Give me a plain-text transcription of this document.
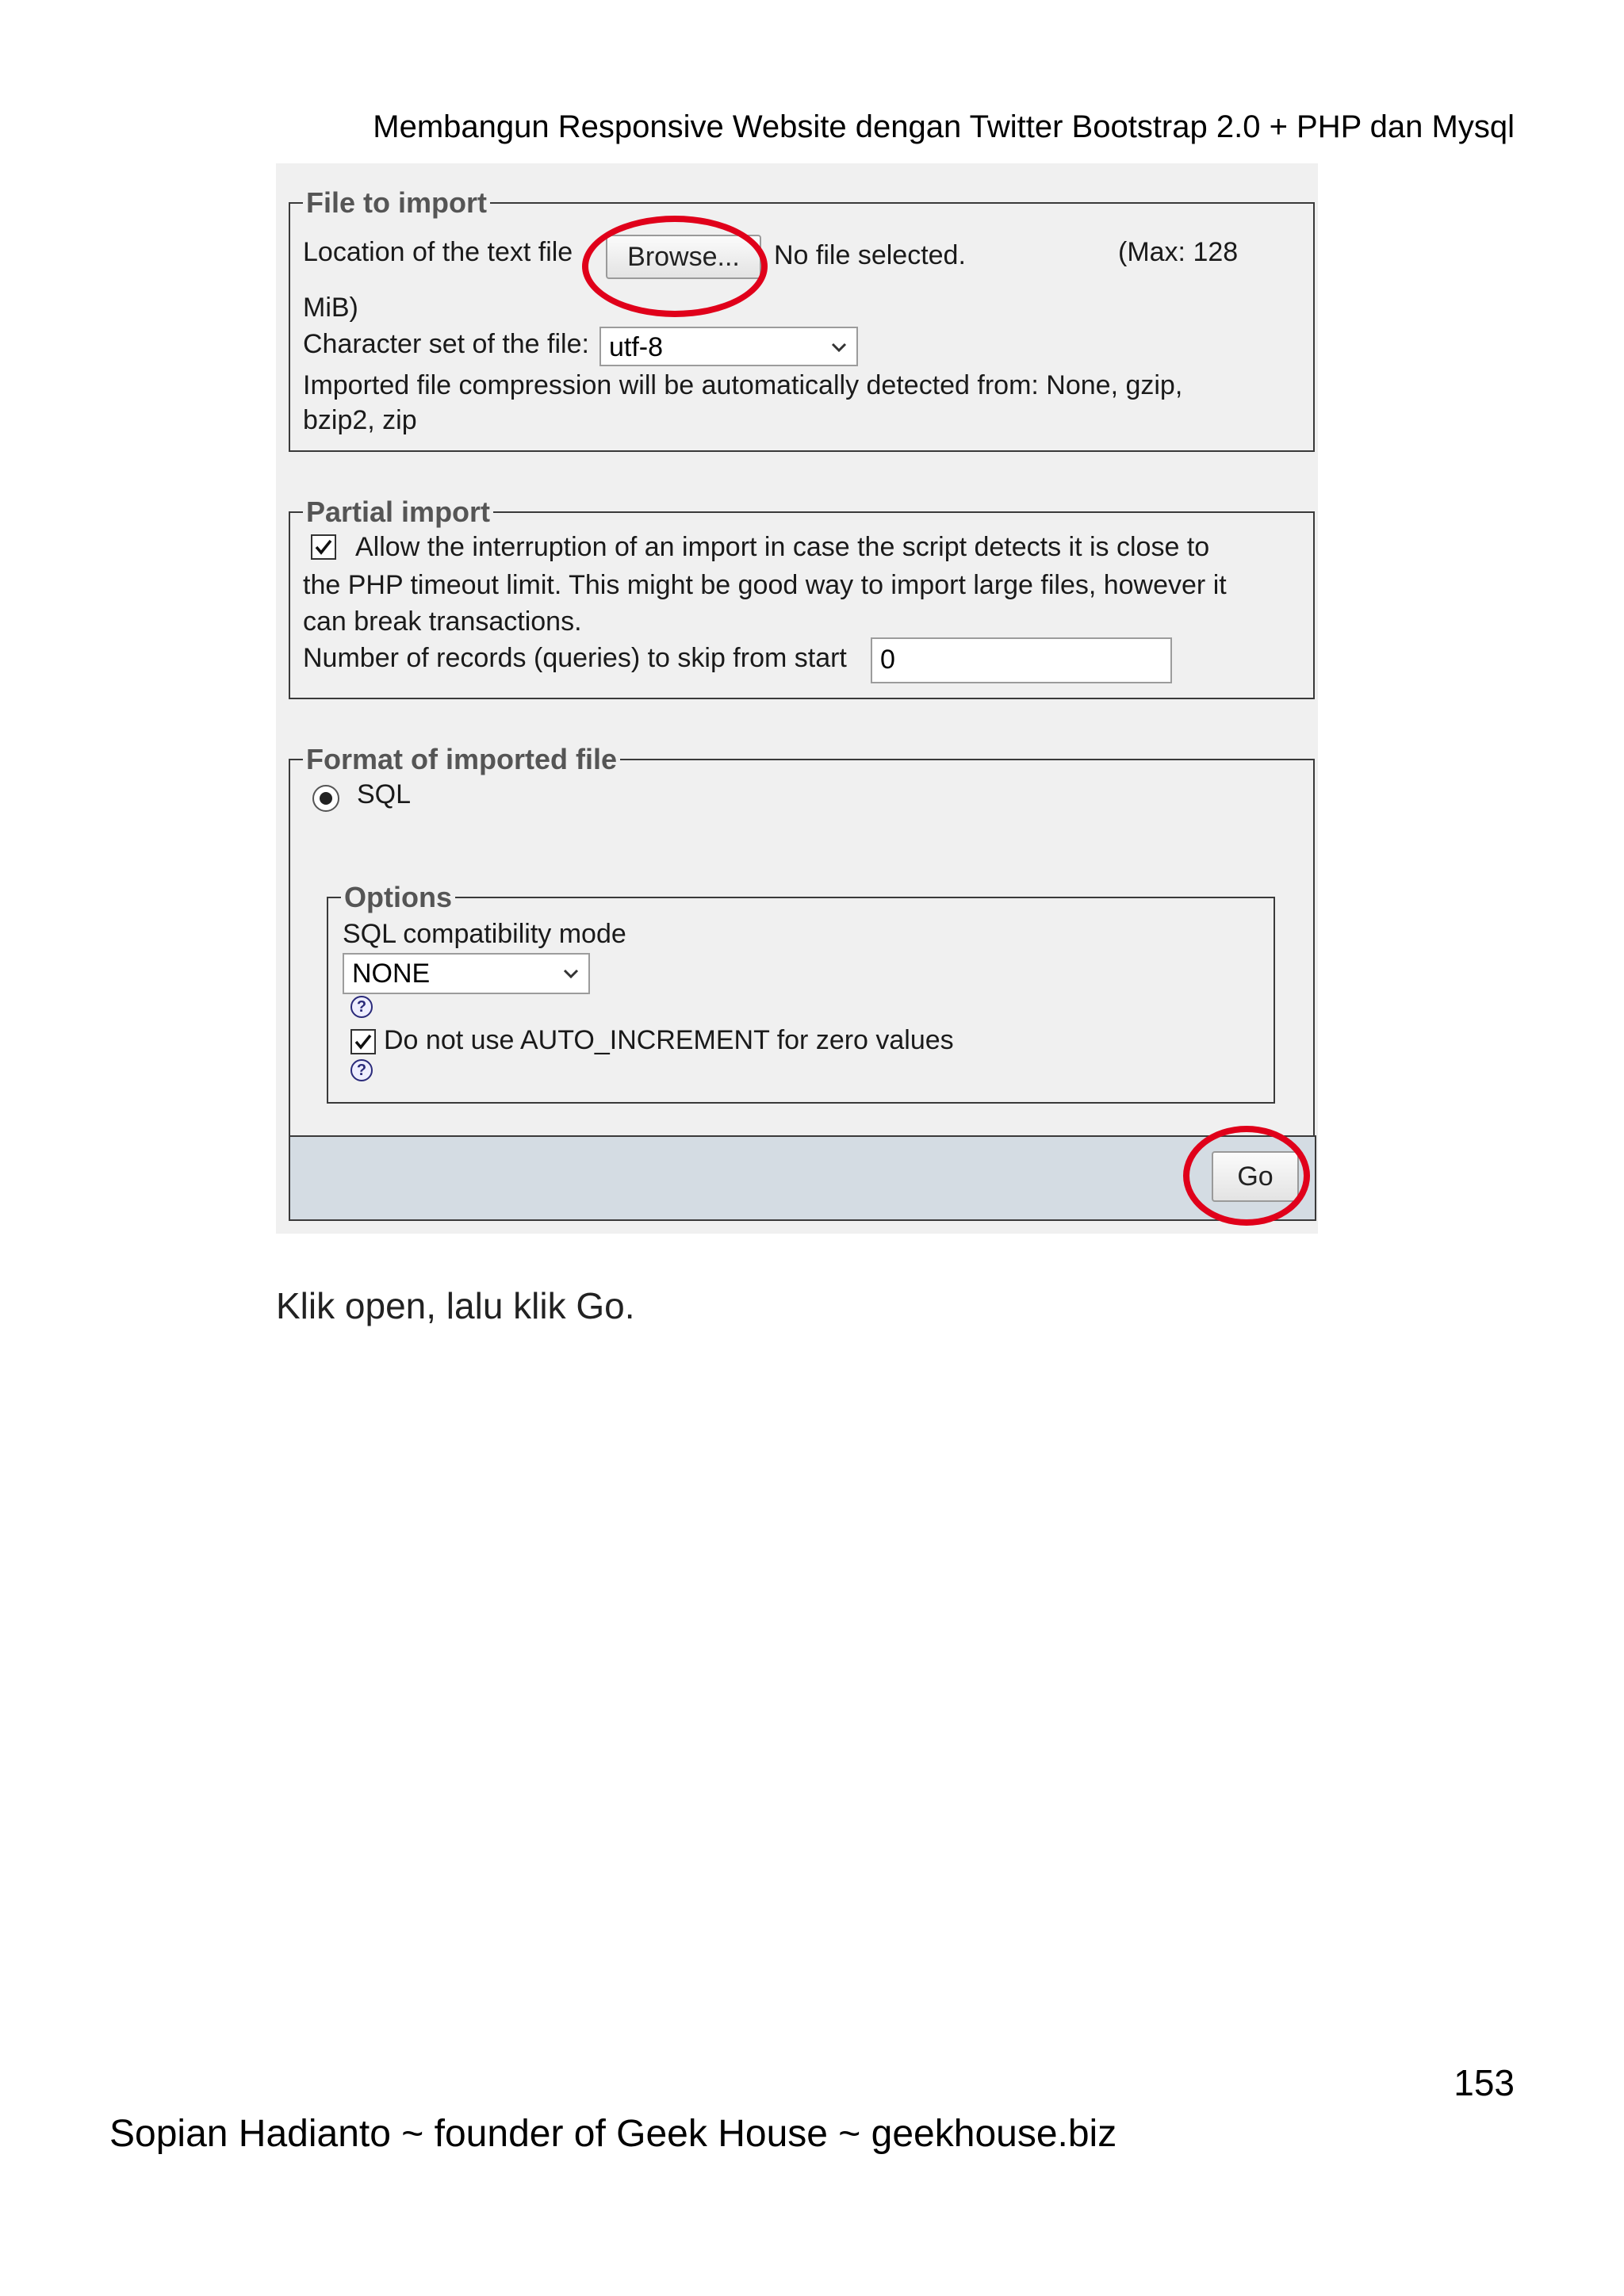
Membangun Responsive Website dengan Twitter Bootstrap 2.0 + PHP dan Mysql
File to import
Location of the text file	Browse...	No file selected.	(Max: 128
MiB)
Character set of the file: utf-8
Imported file compression will be automatically detected from: None, gzip,
bzip2, zip
Partial import
Allow the interruption of an import in case the script detects it is close to
the PHP timeout limit. This might be good way to import large files, however it
can break transactions.
Number of records (queries) to skip from start 0
Format of imported file
SQL
Options
SQL compatibility mode
NONE
?
Do not use AUTO_INCREMENT for zero values
?
Go
Klik open, lalu klik Go.
153
Sopian Hadianto ~ founder of Geek House ~ geekhouse.biz
